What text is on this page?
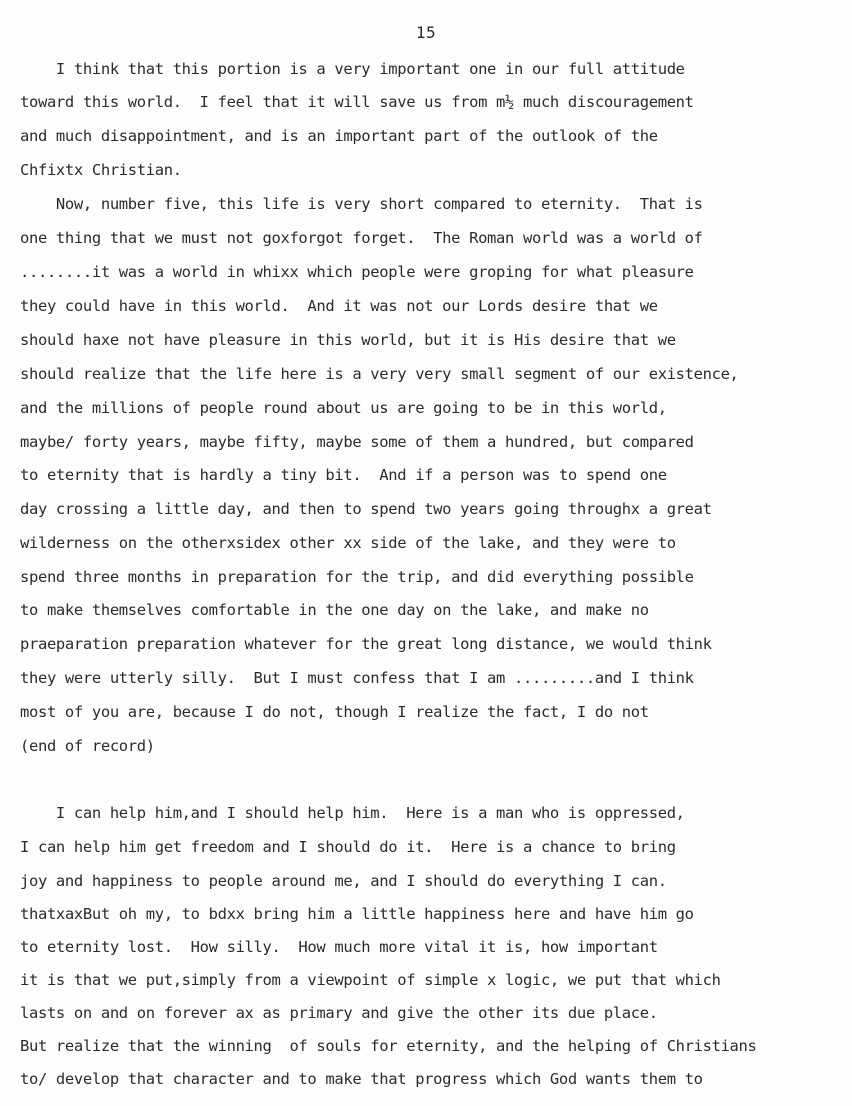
15
I think that this portion is a very important one in our full attitude
toward this world.  I feel that it will save us from m½ much discouragement
and much disappointment, and is an important part of the outlook of the
Chfixtx Christian.
Now, number five, this life is very short compared to eternity.  That is
one thing that we must not goxforgot forget.  The Roman world was a world of
........it was a world in whixx which people were groping for what pleasure
they could have in this world.  And it was not our Lords desire that we
should haxe not have pleasure in this world, but it is His desire that we
should realize that the life here is a very very small segment of our existence,
and the millions of people round about us are going to be in this world,
maybe/ forty years, maybe fifty, maybe some of them a hundred, but compared
to eternity that is hardly a tiny bit.  And if a person was to spend one
day crossing a little day, and then to spend two years going throughx a great
wilderness on the otherxsidex other xx side of the lake, and they were to
spend three months in preparation for the trip, and did everything possible
to make themselves comfortable in the one day on the lake, and make no
praeparation preparation whatever for the great long distance, we would think
they were utterly silly.  But I must confess that I am .........and I think
most of you are, because I do not, though I realize the fact, I do not
(end of record)
I can help him,and I should help him.  Here is a man who is oppressed,
I can help him get freedom and I should do it.  Here is a chance to bring
joy and happiness to people around me, and I should do everything I can.
thatxaxBut oh my, to bdxx bring him a little happiness here and have him go
to eternity lost.  How silly.  How much more vital it is, how important
it is that we put,simply from a viewpoint of simple x logic, we put that which
lasts on and on forever ax as primary and give the other its due place.
But realize that the winning  of souls for eternity, and the helping of Christians
to/ develop that character and to make that progress which God wants them to
